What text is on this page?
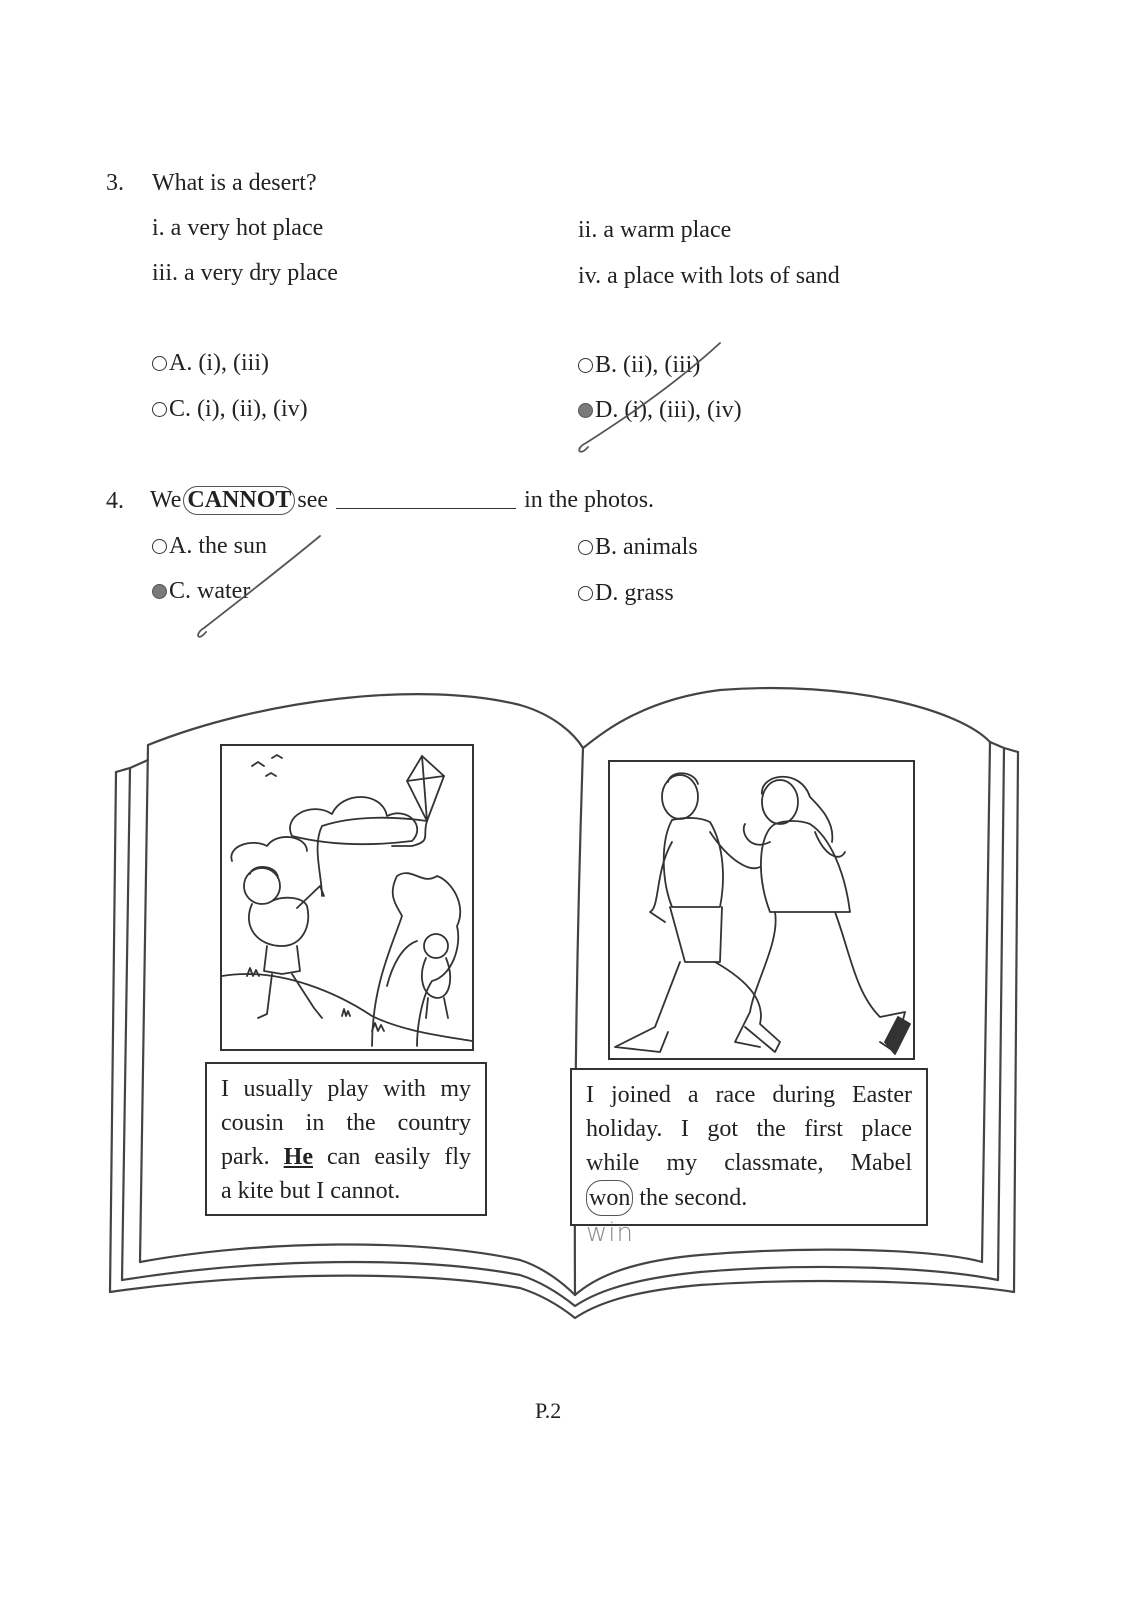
3. What is a desert?
i. a very hot place	ii. a warm place
iii. a very dry place	iv. a place with lots of sand
A. (i), (iii)	B. (ii), (iii)
C. (i), (ii), (iv)	D. (i), (iii), (iv)
4. We CANNOT see	in the photos.
A. the sun	B. animals
C. water	D. grass
I usually play with my
cousin in the country
park. He can easily fly
a kite but I cannot.
I joined a race during Easter
holiday. I got the first place
while my classmate, Mabel
won the second.
win
P.2
